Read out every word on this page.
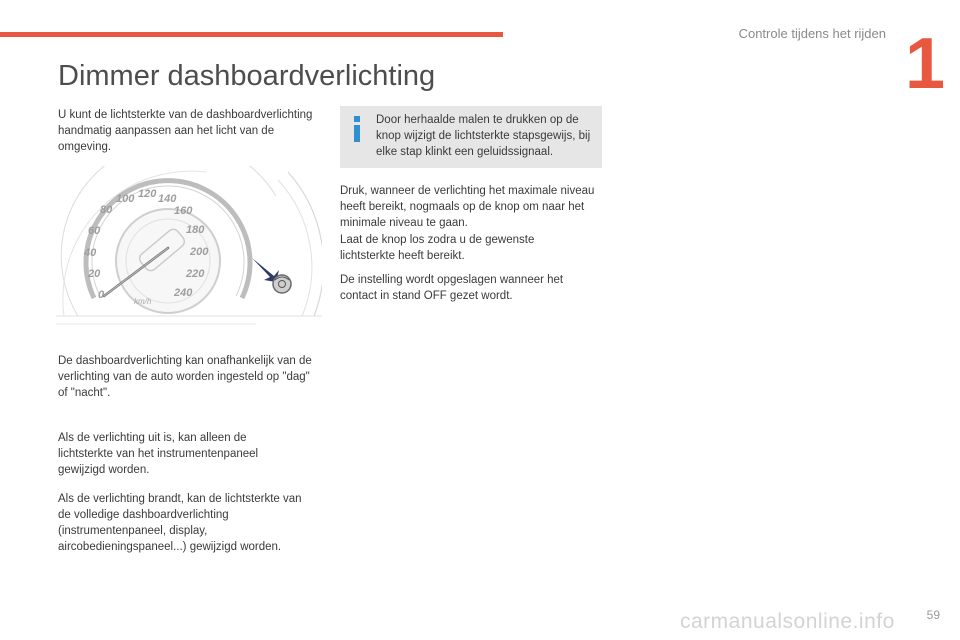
Controle tijdens het rijden 1
Dimmer dashboardverlichting

U kunt de lichtsterkte van de dashboardverlichting handmatig aanpassen aan het licht van de omgeving.

0
20
40
60
80
100 120 140
160
180
200
220
240
km/h

De dashboardverlichting kan onafhankelijk van de verlichting van de auto worden ingesteld op "dag" of "nacht".

Als de verlichting uit is, kan alleen de lichtsterkte van het instrumentenpaneel gewijzigd worden.

Als de verlichting brandt, kan de lichtsterkte van de volledige dashboardverlichting (instrumentenpaneel, display, aircobedieningspaneel...) gewijzigd worden.

Door herhaalde malen te drukken op de knop wijzigt de lichtsterkte stapsgewijs, bij elke stap klinkt een geluidssignaal.

Druk, wanneer de verlichting het maximale niveau heeft bereikt, nogmaals op de knop om naar het minimale niveau te gaan.

Laat de knop los zodra u de gewenste lichtsterkte heeft bereikt.

De instelling wordt opgeslagen wanneer het contact in stand OFF gezet wordt.

59
carmanualsonline.info
